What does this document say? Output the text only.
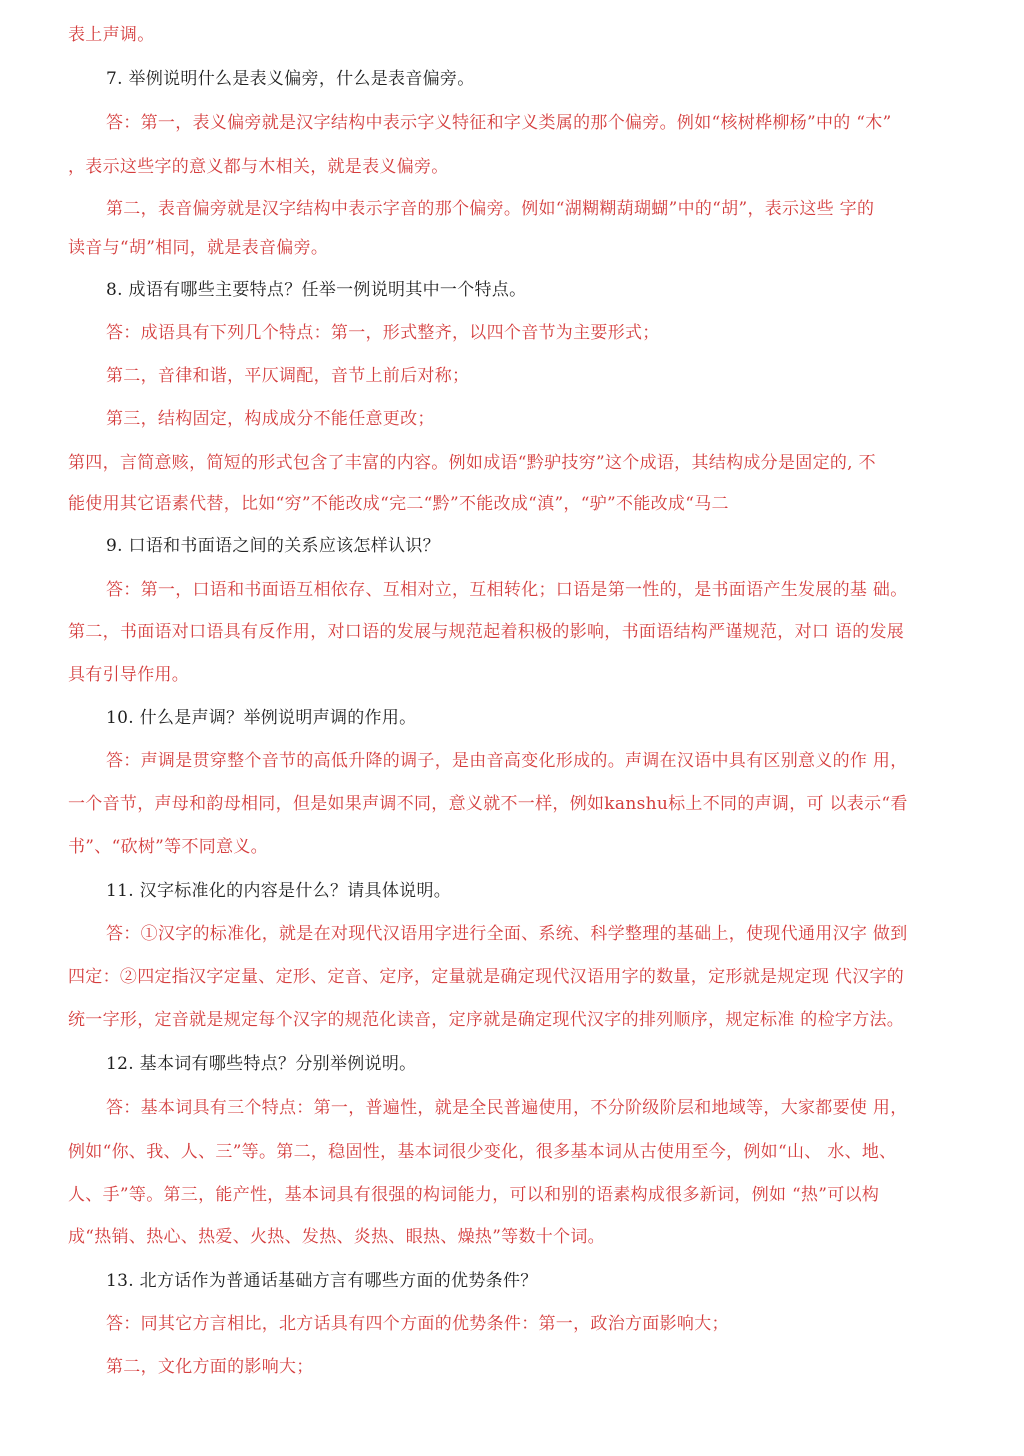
表上声调。
7. 举例说明什么是表义偏旁，什么是表音偏旁。
答：第一，表义偏旁就是汉字结构中表示字义特征和字义类属的那个偏旁。例如“核树桦柳杨”中的 “木”
，表示这些字的意义都与木相关，就是表义偏旁。
第二，表音偏旁就是汉字结构中表示字音的那个偏旁。例如“湖糊糊葫瑚蝴”中的“胡”，表示这些 字的
读音与“胡”相同，就是表音偏旁。
8. 成语有哪些主要特点？任举一例说明其中一个特点。
答：成语具有下列几个特点：第一，形式整齐，以四个音节为主要形式；
第二，音律和谐，平仄调配，音节上前后对称；
第三，结构固定，构成成分不能任意更改；
第四，言简意赅，简短的形式包含了丰富的内容。例如成语“黔驴技穷”这个成语，其结构成分是固定的, 不
能使用其它语素代替，比如“穷”不能改成“完二“黔”不能改成“滇”，“驴”不能改成“马二
9. 口语和书面语之间的关系应该怎样认识？
答：第一，口语和书面语互相依存、互相对立，互相转化；口语是第一性的，是书面语产生发展的基 础。
第二，书面语对口语具有反作用，对口语的发展与规范起着积极的影响，书面语结构严谨规范，对口 语的发展
具有引导作用。
10. 什么是声调？举例说明声调的作用。
答：声调是贯穿整个音节的高低升降的调子，是由音高变化形成的。声调在汉语中具有区别意义的作 用，
一个音节，声母和韵母相同，但是如果声调不同，意义就不一样，例如kanshu标上不同的声调，可 以表示“看
书”、“砍树”等不同意义。
11. 汉字标准化的内容是什么？请具体说明。
答：①汉字的标准化，就是在对现代汉语用字进行全面、系统、科学整理的基础上，使现代通用汉字 做到
四定：②四定指汉字定量、定形、定音、定序，定量就是确定现代汉语用字的数量，定形就是规定现 代汉字的
统一字形，定音就是规定每个汉字的规范化读音，定序就是确定现代汉字的排列顺序，规定标准 的检字方法。
12. 基本词有哪些特点？分别举例说明。
答：基本词具有三个特点：第一，普遍性，就是全民普遍使用，不分阶级阶层和地域等，大家都要使 用，
例如“你、我、人、三”等。第二，稳固性，基本词很少变化，很多基本词从古使用至今，例如“山、 水、地、
人、手”等。第三，能产性，基本词具有很强的构词能力，可以和别的语素构成很多新词，例如 “热”可以构
成“热销、热心、热爱、火热、发热、炎热、眼热、燥热”等数十个词。
13. 北方话作为普通话基础方言有哪些方面的优势条件？
答：同其它方言相比，北方话具有四个方面的优势条件：第一，政治方面影响大；
第二，文化方面的影响大；
